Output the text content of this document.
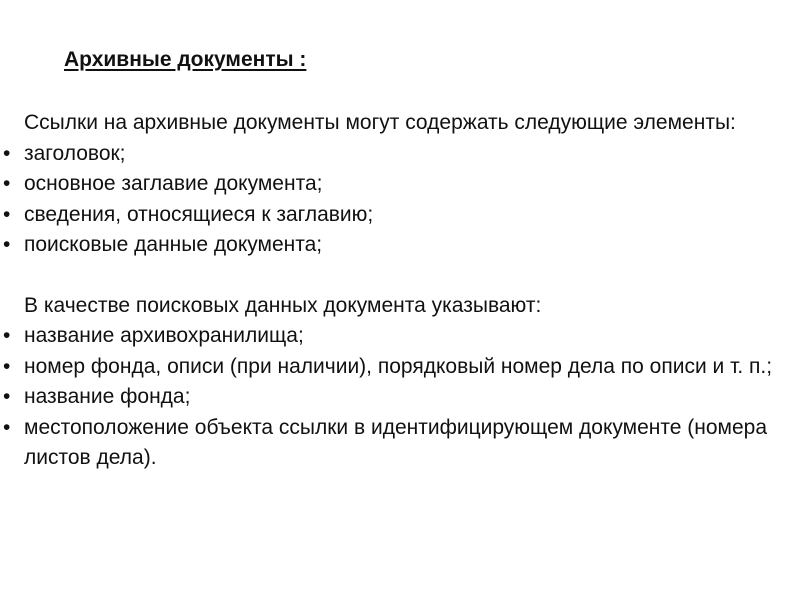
Архивные документы :

Ссылки на архивные документы могут содержать следующие элементы:

• заголовок;
• основное заглавие документа;
• сведения, относящиеся к заглавию;
• поисковые данные документа;

В качестве поисковых данных документа указывают:

• название архивохранилища;
• номер фонда, описи (при наличии), порядковый номер дела по описи и т. п.;
• название фонда;
• местоположение объекта ссылки в идентифицирующем документе (номера листов дела).
